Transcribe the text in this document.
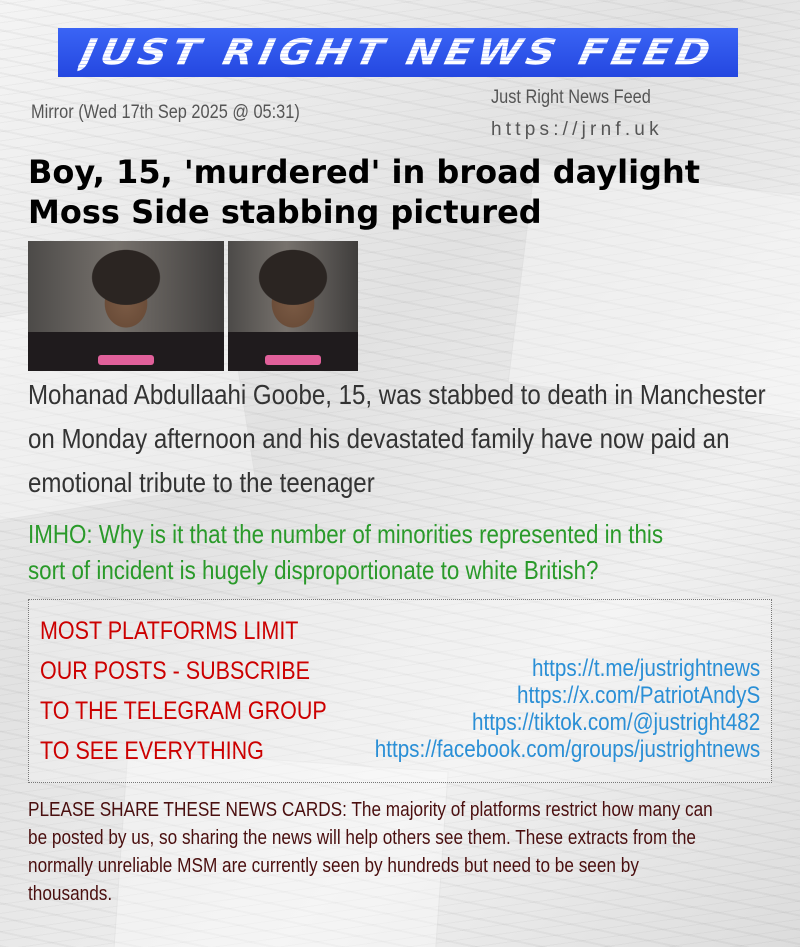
JUST RIGHT NEWS FEED
Mirror (Wed 17th Sep 2025 @ 05:31)
Just Right News Feed
https://jrnf.uk
Boy, 15, 'murdered' in broad daylight
Moss Side stabbing pictured
Mohanad Abdullaahi Goobe, 15, was stabbed to death in Manchester
on Monday afternoon and his devastated family have now paid an
emotional tribute to the teenager
IMHO: Why is it that the number of minorities represented in this
sort of incident is hugely disproportionate to white British?
MOST PLATFORMS LIMIT
OUR POSTS - SUBSCRIBE
TO THE TELEGRAM GROUP
TO SEE EVERYTHING
https://t.me/justrightnews
https://x.com/PatriotAndyS
https://tiktok.com/@justright482
https://facebook.com/groups/justrightnews
PLEASE SHARE THESE NEWS CARDS: The majority of platforms restrict how many can
be posted by us, so sharing the news will help others see them. These extracts from the
normally unreliable MSM are currently seen by hundreds but need to be seen by
thousands.
